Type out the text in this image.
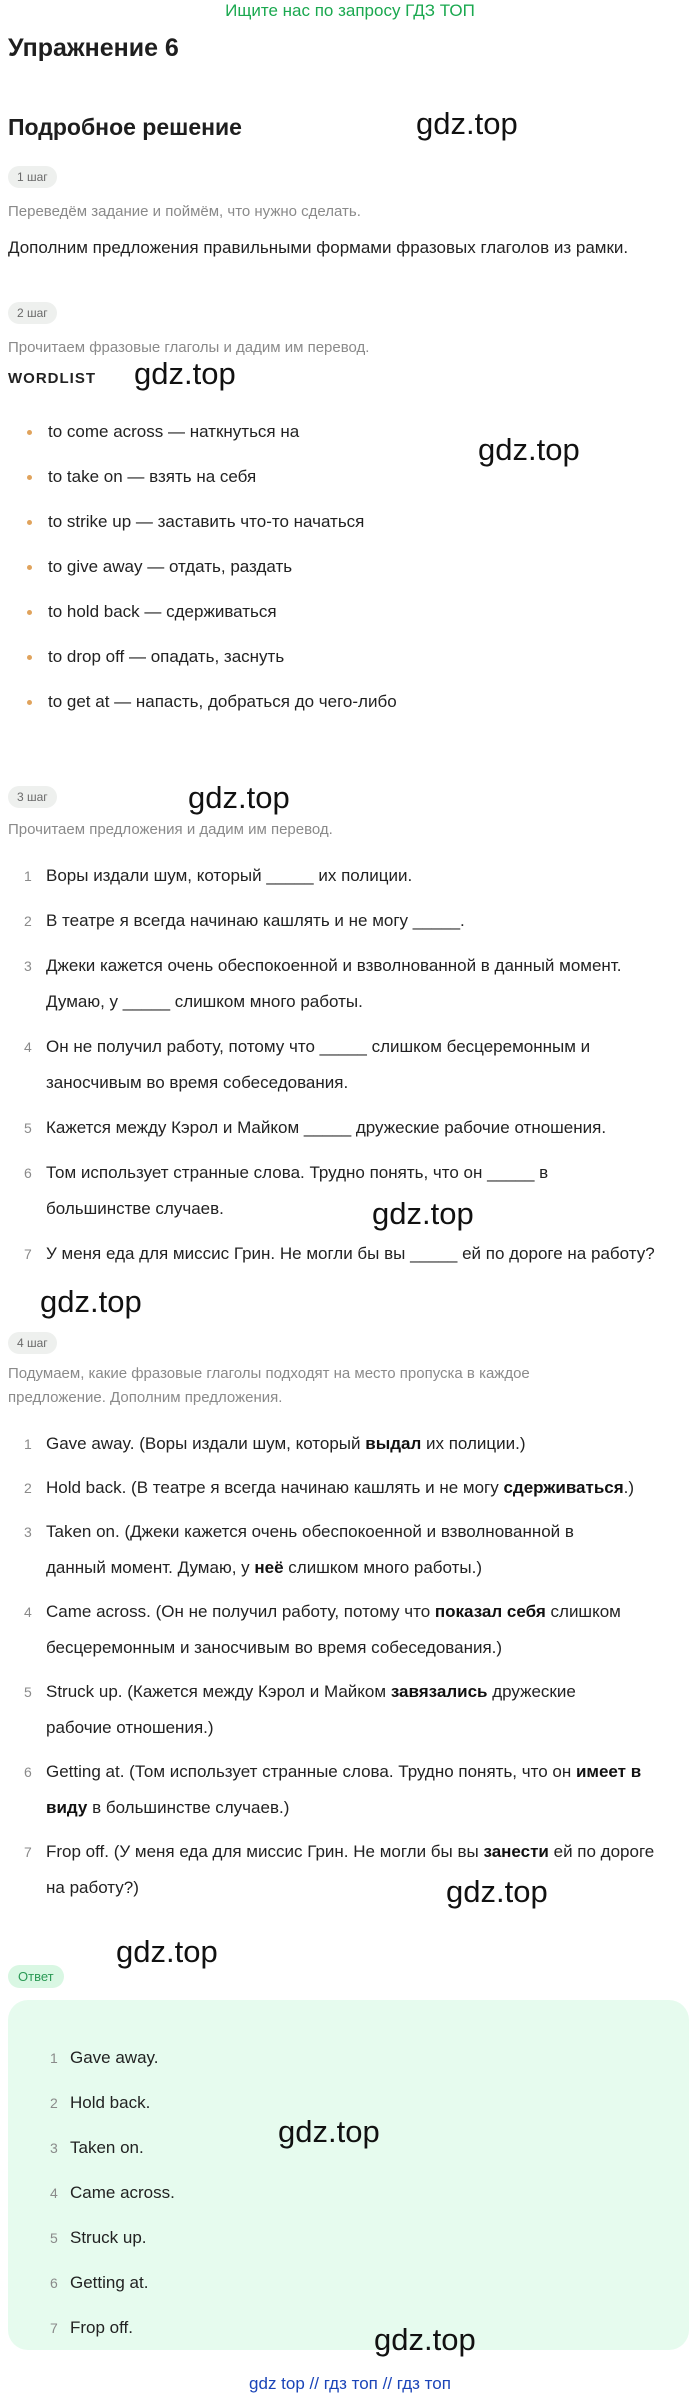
Ищите нас по запросу ГДЗ ТОП
Упражнение 6
Подробное решение
1 шаг
Переведём задание и поймём, что нужно сделать.
Дополним предложения правильными формами фразовых глаголов из рамки.
2 шаг
Прочитаем фразовые глаголы и дадим им перевод.
WORDLIST
to come across — наткнуться на
to take on — взять на себя
to strike up — заставить что-то начаться
to give away — отдать, раздать
to hold back — сдерживаться
to drop off — опадать, заснуть
to get at — напасть, добраться до чего-либо
3 шаг
Прочитаем предложения и дадим им перевод.
1 Воры издали шум, который _____ их полиции.
2 В театре я всегда начинаю кашлять и не могу _____.
3 Джеки кажется очень обеспокоенной и взволнованной в данный момент.
Думаю, у _____ слишком много работы.
4 Он не получил работу, потому что _____ слишком бесцеремонным и
заносчивым во время собеседования.
5 Кажется между Кэрол и Майком _____ дружеские рабочие отношения.
6 Том использует странные слова. Трудно понять, что он _____ в
большинстве случаев.
7 У меня еда для миссис Грин. Не могли бы вы _____ ей по дороге на работу?
4 шаг
Подумаем, какие фразовые глаголы подходят на место пропуска в каждое
предложение. Дополним предложения.
1 Gave away. (Воры издали шум, который выдал их полиции.)
2 Hold back. (В театре я всегда начинаю кашлять и не могу сдерживаться.)
3 Taken on. (Джеки кажется очень обеспокоенной и взволнованной в
данный момент. Думаю, у неё слишком много работы.)
4 Came across. (Он не получил работу, потому что показал себя слишком
бесцеремонным и заносчивым во время собеседования.)
5 Struck up. (Кажется между Кэрол и Майком завязались дружеские
рабочие отношения.)
6 Getting at. (Том использует странные слова. Трудно понять, что он имеет в
виду в большинстве случаев.)
7 Frop off. (У меня еда для миссис Грин. Не могли бы вы занести ей по дороге
на работу?)
Ответ
1 Gave away.
2 Hold back.
3 Taken on.
4 Came across.
5 Struck up.
6 Getting at.
7 Frop off.
gdz.top
gdz.top
gdz.top
gdz.top
gdz.top
gdz.top
gdz.top
gdz.top
gdz.top
gdz.top
gdz top // гдз топ // гдз топ
